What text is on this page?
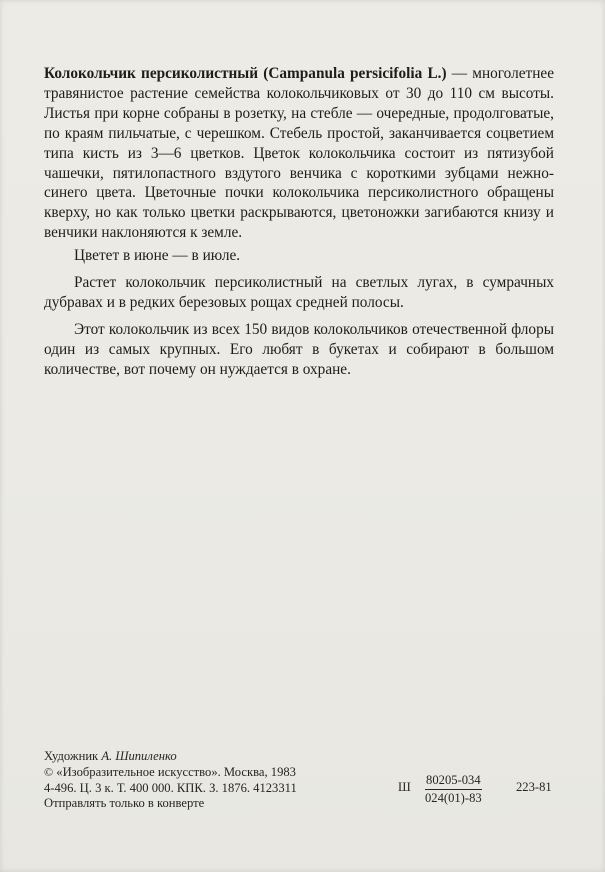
Колокольчик персиколистный (Campanula persicifolia L.) — многолетнее травянистое растение семейства колокольчиковых от 30 до 110 см высоты. Листья при корне собраны в розетку, на стебле — очередные, продолговатые, по краям пильчатые, с черешком. Стебель простой, заканчивается соцветием типа кисть из 3—6 цветков. Цветок колокольчика состоит из пятизубой чашечки, пятилопастного вздутого венчика с короткими зубцами нежно-синего цвета. Цветочные почки колокольчика персиколистного обращены кверху, но как только цветки раскрываются, цветоножки загибаются книзу и венчики наклоняются к земле.

Цветет в июне — в июле.

Растет колокольчик персиколистный на светлых лугах, в сумрачных дубравах и в редких березовых рощах средней полосы.

Этот колокольчик из всех 150 видов колокольчиков отечественной флоры один из самых крупных. Его любят в букетах и собирают в большом количестве, вот почему он нуждается в охране.

Художник А. Шипиленко
© «Изобразительное искусство». Москва, 1983
4-496. Ц. 3 к. Т. 400 000. КПК. З. 1876. 4123311
Отправлять только в конверте
Ш $\frac{80205-034}{024(01)-83}$	223-81
